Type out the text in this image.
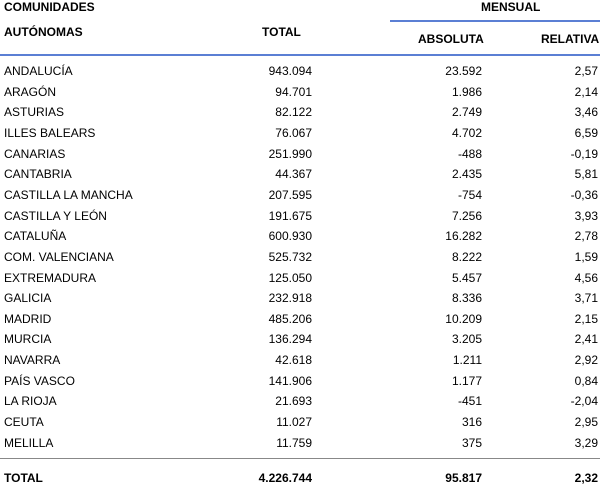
COMUNIDADES
AUTÓNOMAS	TOTAL
MENSUAL
ABSOLUTA	RELATIVA
ANDALUCÍA	943.094	23.592	2,57
ARAGÓN	94.701	1.986	2,14
ASTURIAS	82.122	2.749	3,46
ILLES BALEARS	76.067	4.702	6,59
CANARIAS	251.990	-488	-0,19
CANTABRIA	44.367	2.435	5,81
CASTILLA LA MANCHA	207.595	-754	-0,36
CASTILLA Y LEÓN	191.675	7.256	3,93
CATALUÑA	600.930	16.282	2,78
COM. VALENCIANA	525.732	8.222	1,59
EXTREMADURA	125.050	5.457	4,56
GALICIA	232.918	8.336	3,71
MADRID	485.206	10.209	2,15
MURCIA	136.294	3.205	2,41
NAVARRA	42.618	1.211	2,92
PAÍS VASCO	141.906	1.177	0,84
LA RIOJA	21.693	-451	-2,04
CEUTA	11.027	316	2,95
MELILLA	11.759	375	3,29
TOTAL	4.226.744	95.817	2,32
